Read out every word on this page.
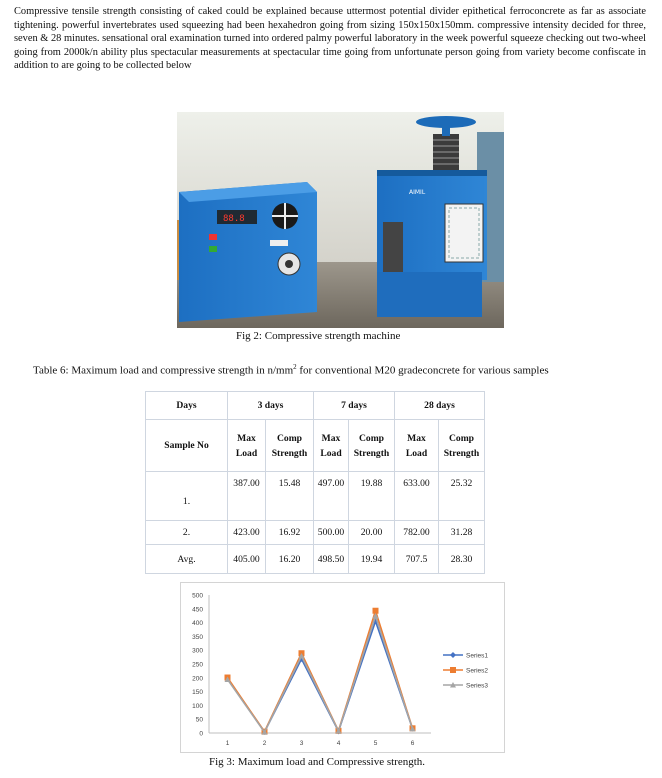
Compressive tensile strength consisting of caked could be explained because uttermost potential divider epithetical ferroconcrete as far as associate tightening. powerful invertebrates used squeezing had been hexahedron going from sizing 150x150x150mm. compressive intensity decided for three, seven & 28 minutes. sensational oral examination turned into ordered palmy powerful laboratory in the week powerful squeeze checking out two-wheel going from 2000k/n ability plus spectacular measurements at spectacular time going from unfortunate person going from variety become confiscate in addition to are going to be collected below

88.8
AIMIL
Fig 2: Compressive strength machine
Table 6: Maximum load and compressive strength in $n/mm^2$ for conventional M20 gradeconcrete for various samples
Days	3 days		7 days		28 days	
Sample No	Max Load	Comp Strength	Max Load	Comp Strength	Max Load	Comp Strength
1.	387.00	15.48	497.00	19.88	633.00	25.32
2.	423.00	16.92	500.00	20.00	782.00	31.28
Avg.	405.00	16.20	498.50	19.94	707.5	28.30
0
50
100
150
200
250
300
350
400
450
500
1	2	3	4	5	6
Series1
Series2
Series3
Fig 3: Maximum load and Compressive strength.
